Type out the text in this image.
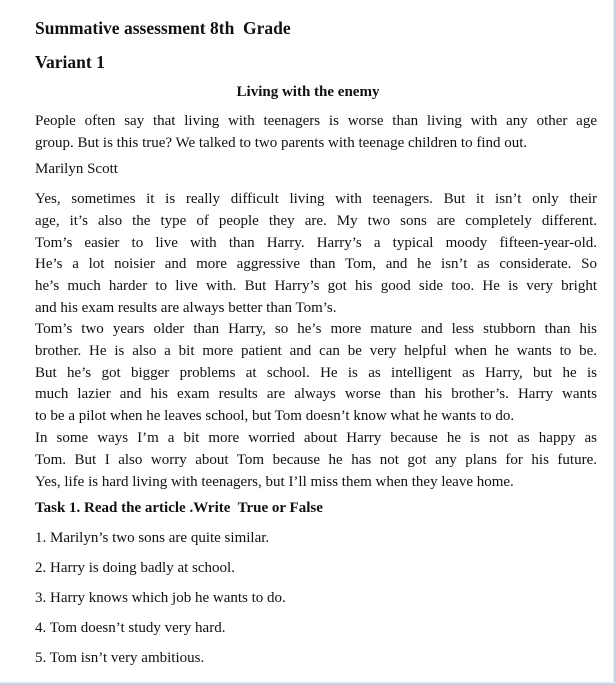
Summative assessment 8th  Grade
Variant 1
Living with the enemy

People often say that living with teenagers is worse than living with any other age
group. But is this true? We talked to two parents with teenage children to find out.

Marilyn Scott

Yes, sometimes it is really difficult living with teenagers. But it isn’t only their
age, it’s also the type of people they are. My two sons are completely different.
Tom’s easier to live with than Harry. Harry’s a typical moody fifteen-year-old.
He’s a lot noisier and more aggressive than Tom, and he isn’t as considerate. So
he’s much harder to live with. But Harry’s got his good side too. He is very bright
and his exam results are always better than Tom’s.

Tom’s two years older than Harry, so he’s more mature and less stubborn than his
brother. He is also a bit more patient and can be very helpful when he wants to be.
But he’s got bigger problems at school. He is as intelligent as Harry, but he is
much lazier and his exam results are always worse than his brother’s. Harry wants
to be a pilot when he leaves school, but Tom doesn’t know what he wants to do.

In some ways I’m a bit more worried about Harry because he is not as happy as
Tom. But I also worry about Tom because he has not got any plans for his future.
Yes, life is hard living with teenagers, but I’ll miss them when they leave home.

Task 1. Read the article .Write  True or False
1. Marilyn’s two sons are quite similar.
2. Harry is doing badly at school.
3. Harry knows which job he wants to do.
4. Tom doesn’t study very hard.
5. Tom isn’t very ambitious.
